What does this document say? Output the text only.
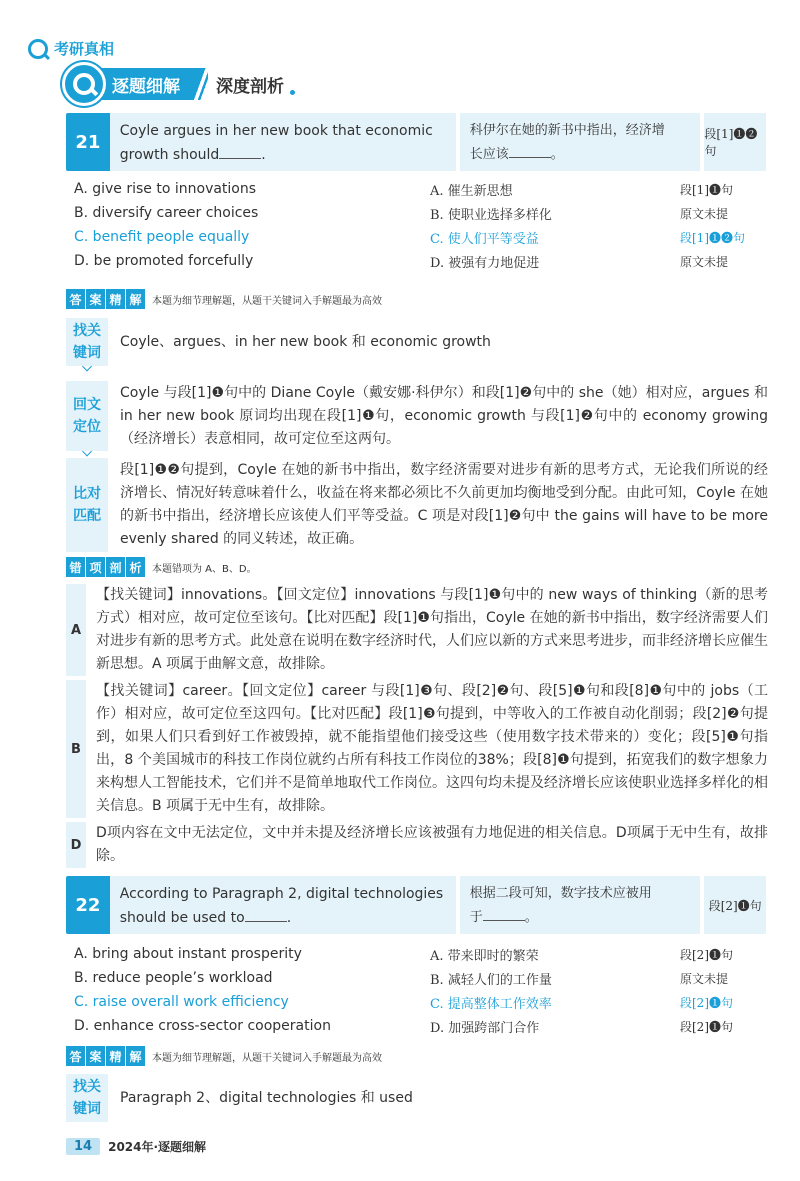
考研真相
逐题细解 深度剖析
21
Coyle argues in her new book that economic
growth should	.
科伊尔在她的新书中指出，经济增
长应该	。
段[1]❶❷句
A. give rise to innovations	A. 催生新思想	段[1]❶句
B. diversify career choices	B. 使职业选择多样化	原文未提
C. benefit people equally	C. 使人们平等受益	段[1]❶❷句
D. be promoted forcefully	D. 被强有力地促进	原文未提
答 案 精 解	本题为细节理解题，从题干关键词入手解题最为高效
找关
键词

Coyle、argues、in her new book 和 economic growth

回文
定位

Coyle 与段[1]❶句中的 Diane Coyle（戴安娜·科伊尔）和段[1]❷句中的 she（她）相对应，argues 和 in her new book 原词均出现在段[1]❶句，economic growth 与段[1]❷句中的 economy growing（经济增长）表意相同，故可定位至这两句。

比对
匹配

段[1]❶❷句提到，Coyle 在她的新书中指出，数字经济需要对进步有新的思考方式，无论我们所说的经济增长、情况好转意味着什么，收益在将来都必须比不久前更加均衡地受到分配。由此可知，Coyle 在她的新书中指出，经济增长应该使人们平等受益。C 项是对段[1]❷句中 the gains will have to be more evenly shared 的同义转述，故正确。

错 项 剖 析	本题错项为 A、B、D。
A
【找关键词】innovations。【回文定位】innovations 与段[1]❶句中的 new ways of thinking（新的思考方式）相对应，故可定位至该句。【比对匹配】段[1]❶句指出，Coyle 在她的新书中指出，数字经济需要人们对进步有新的思考方式。此处意在说明在数字经济时代，人们应以新的方式来思考进步，而非经济增长应催生新思想。A 项属于曲解文意，故排除。
B
【找关键词】career。【回文定位】career 与段[1]❸句、段[2]❷句、段[5]❶句和段[8]❶句中的 jobs（工作）相对应，故可定位至这四句。【比对匹配】段[1]❸句提到，中等收入的工作被自动化削弱；段[2]❷句提到，如果人们只看到好工作被毁掉，就不能指望他们接受这些（使用数字技术带来的）变化；段[5]❶句指出，8 个美国城市的科技工作岗位就约占所有科技工作岗位的38%；段[8]❶句提到，拓宽我们的数字想象力来构想人工智能技术，它们并不是简单地取代工作岗位。这四句均未提及经济增长应该使职业选择多样化的相关信息。B 项属于无中生有，故排除。
D
D项内容在文中无法定位，文中并未提及经济增长应该被强有力地促进的相关信息。D项属于无中生有，故排除。
22
According to Paragraph 2, digital technologies
should be used to	.
根据二段可知，数字技术应被用
于	。
段[2]❶句
A. bring about instant prosperity	A. 带来即时的繁荣	段[2]❶句
B. reduce people’s workload	B. 减轻人们的工作量	原文未提
C. raise overall work efficiency	C. 提高整体工作效率	段[2]❶句
D. enhance cross-sector cooperation	D. 加强跨部门合作	段[2]❶句
答 案 精 解	本题为细节理解题，从题干关键词入手解题最为高效
找关
键词

Paragraph 2、digital technologies 和 used

14	2024年·逐题细解
